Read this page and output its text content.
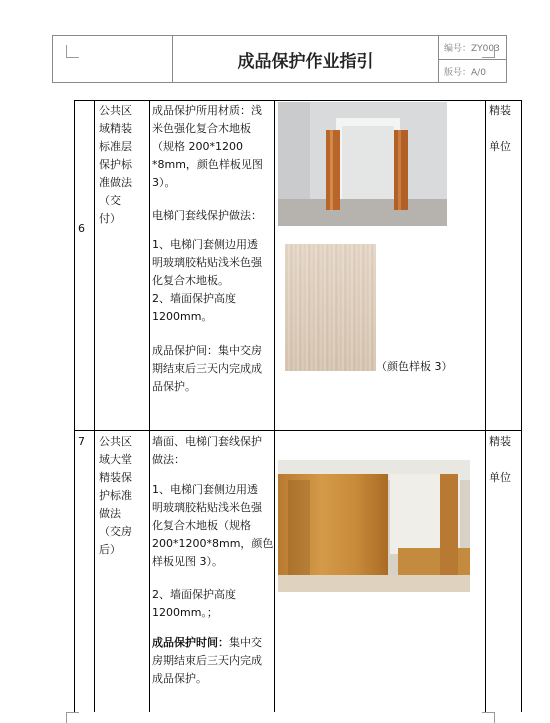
成品保护作业指引
编号：ZY003
版号：A/0
6
公共区
域精装
标准层
保护标
准做法
（交
付）
成品保护所用材质：浅
米色强化复合木地板
（规格 200*1200
*8mm，颜色样板见图
3）。
电梯门套线保护做法：
1、电梯门套侧边用透
明玻璃胶粘贴浅米色强
化复合木地板。
2、墙面保护高度
1200mm。
成品保护间：集中交房
期结束后三天内完成成
品保护。
（颜色样板 3）
精装

单位
7 公共区
域大堂
精装保
护标准
做法
（交房
后）
墙面、电梯门套线保护
做法：
1、电梯门套侧边用透
明玻璃胶粘贴浅米色强
化复合木地板（规格
200*1200*8mm，颜色
样板见图 3）。
2、墙面保护高度
1200mm。；
成品保护时间：集中交
房期结束后三天内完成
成品保护。
精装

单位
